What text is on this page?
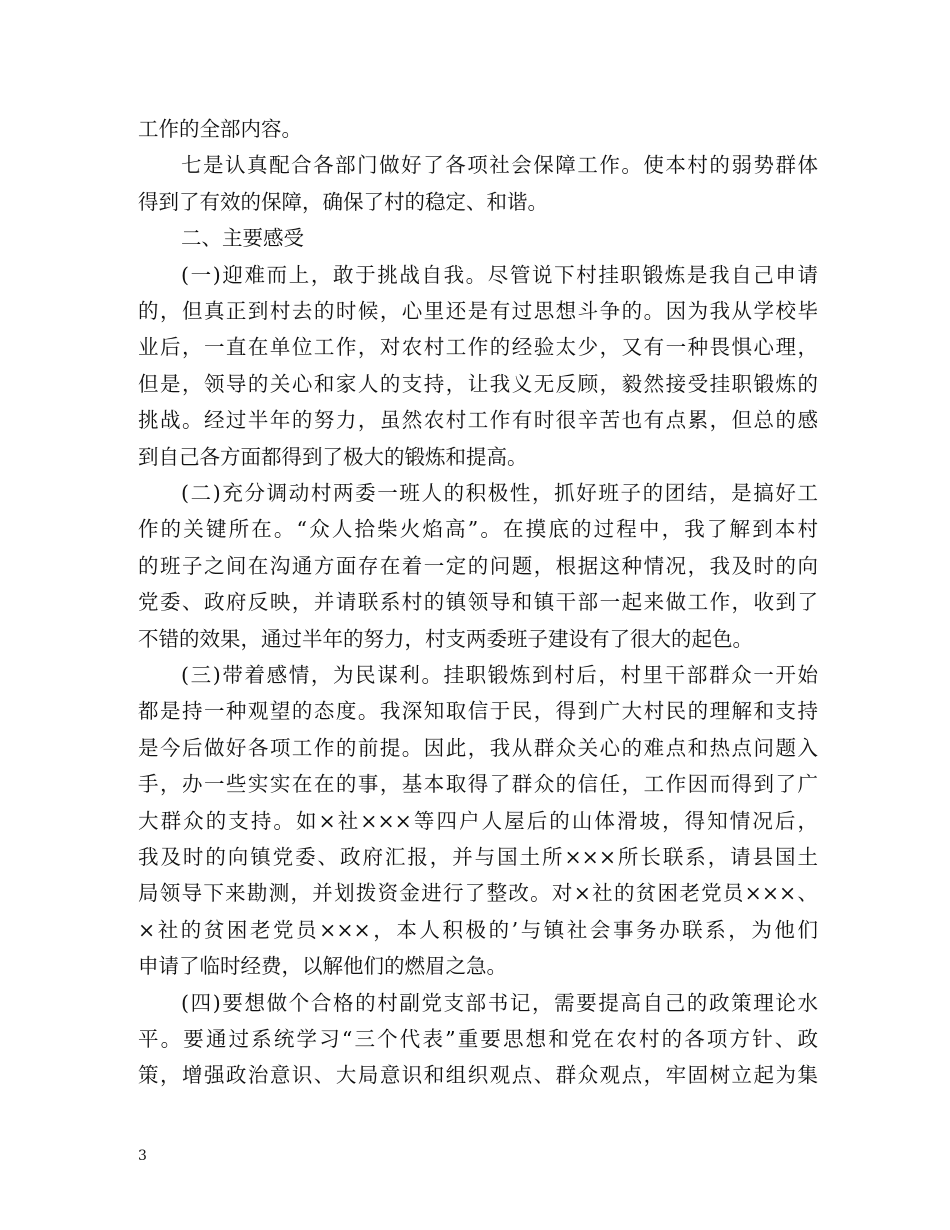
工作的全部内容。
七是认真配合各部门做好了各项社会保障工作。使本村的弱势群体
得到了有效的保障，确保了村的稳定、和谐。
二、主要感受
(一)迎难而上，敢于挑战自我。尽管说下村挂职锻炼是我自己申请
的，但真正到村去的时候，心里还是有过思想斗争的。因为我从学校毕
业后，一直在单位工作，对农村工作的经验太少，又有一种畏惧心理，
但是，领导的关心和家人的支持，让我义无反顾，毅然接受挂职锻炼的
挑战。经过半年的努力，虽然农村工作有时很辛苦也有点累，但总的感
到自己各方面都得到了极大的锻炼和提高。
(二)充分调动村两委一班人的积极性，抓好班子的团结，是搞好工
作的关键所在。“众人拾柴火焰高”。在摸底的过程中，我了解到本村
的班子之间在沟通方面存在着一定的问题，根据这种情况，我及时的向
党委、政府反映，并请联系村的镇领导和镇干部一起来做工作，收到了
不错的效果，通过半年的努力，村支两委班子建设有了很大的起色。
(三)带着感情，为民谋利。挂职锻炼到村后，村里干部群众一开始
都是持一种观望的态度。我深知取信于民，得到广大村民的理解和支持
是今后做好各项工作的前提。因此，我从群众关心的难点和热点问题入
手，办一些实实在在的事，基本取得了群众的信任，工作因而得到了广
大群众的支持。如×社×××等四户人屋后的山体滑坡，得知情况后，
我及时的向镇党委、政府汇报，并与国土所×××所长联系，请县国土
局领导下来勘测，并划拨资金进行了整改。对×社的贫困老党员×××、
×社的贫困老党员×××，本人积极的’与镇社会事务办联系，为他们
申请了临时经费，以解他们的燃眉之急。
(四)要想做个合格的村副党支部书记，需要提高自己的政策理论水
平。要通过系统学习“三个代表”重要思想和党在农村的各项方针、政
策，增强政治意识、大局意识和组织观点、群众观点，牢固树立起为集
3
